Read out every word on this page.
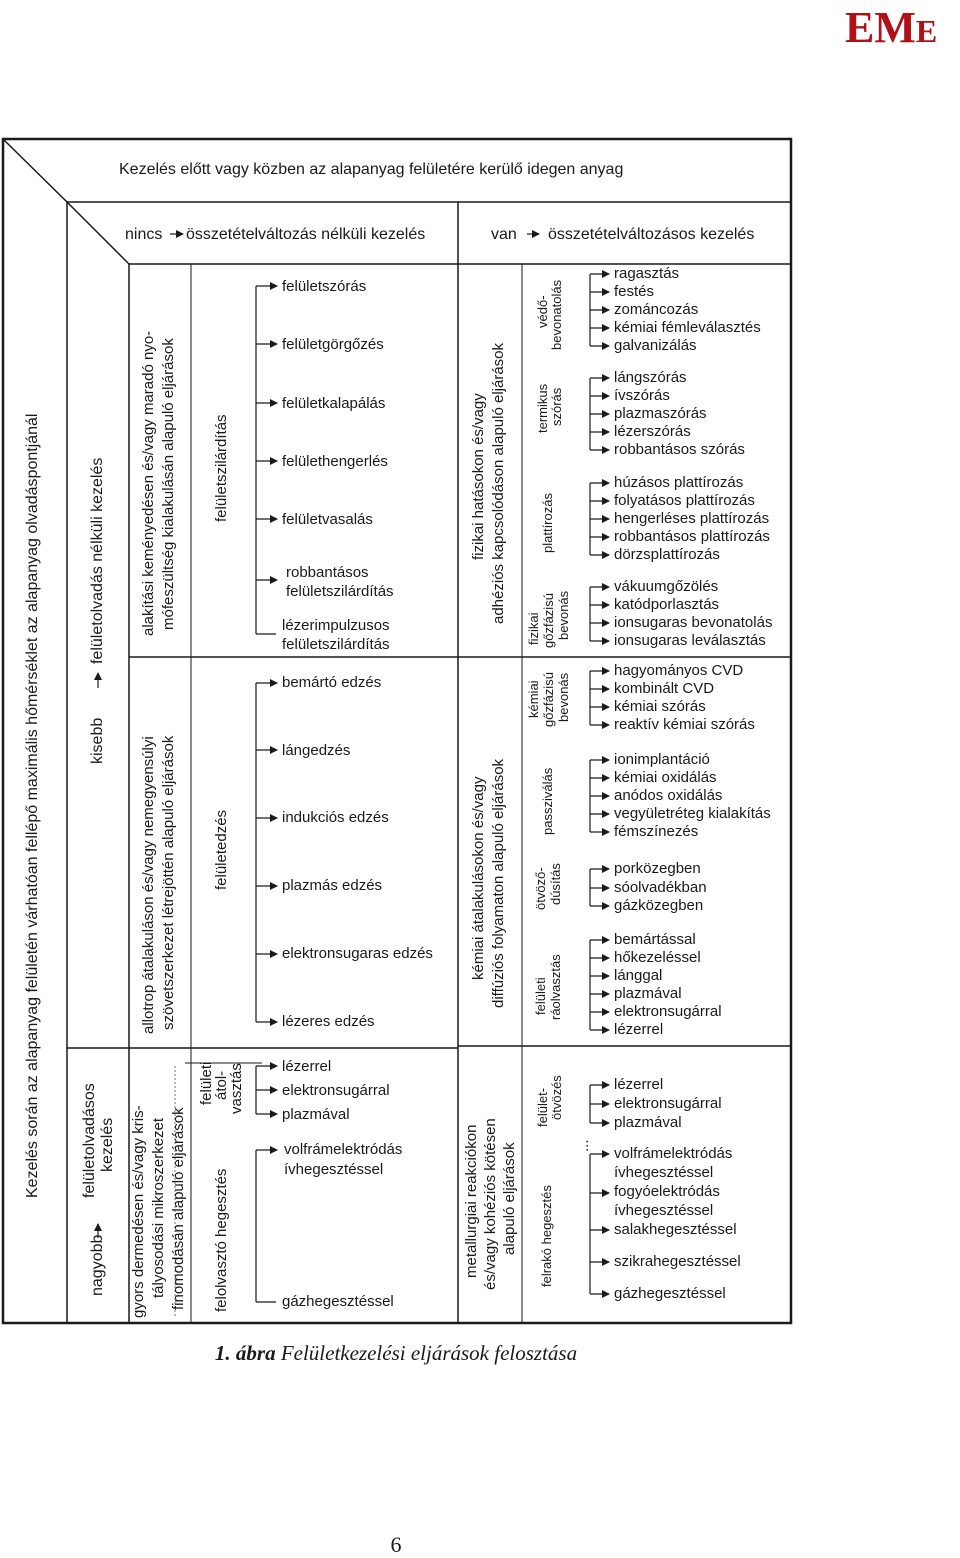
EME
Kezelés előtt vagy közben az alapanyag felületére kerülő idegen anyag
nincs összetételváltozás nélküli kezelés	van összetételváltozásos kezelés
Kezelés során az alapanyag felületén várhatóan fellépő maximális hőmérséklet az alapanyag olvadáspontjánál	felületolvadás nélküli kezelés
kisebb
felületolvadásos kezelés
nagyobb
alakítási keményedésen és/vagy maradó nyo- mófeszültség kialakulásán alapuló eljárások felületszilárdítás
felületszórás
felületgörgőzés
felületkalapálás
felülethengerlés
felületvasalás
robbantásos
felületszilárdítás
lézerimpulzusos
felületszilárdítás
allotrop átalakuláson és/vagy nemegyensúlyi szövetszerkezet létrejöttén alapuló eljárások felületedzés
bemártó edzés
lángedzés
indukciós edzés
plazmás edzés
elektronsugaras edzés
lézeres edzés
gyors dermedésen és/vagy kris- tályosodási mikroszerkezet finomodásán alapuló eljárások
felületi
átol-
vasztás
felolvasztó hegesztés
lézerrel
elektronsugárral
plazmával
volfrámelektródás
ívhegesztéssel
gázhegesztéssel
fizikai hatásokon és/vagy adhéziós kapcsolódáson alapuló eljárások
védő- bevonatolás
termikus szórás
plattírozás
fizikai gőzfázisú bevonás
ragasztás
festés
zománcozás
kémiai fémleválasztés
galvanizálás
lángszórás
ívszórás
plazmaszórás
lézerszórás
robbantásos szórás
húzásos plattírozás
folyatásos plattírozás
hengerléses plattírozás
robbantásos plattírozás
dörzsplattírozás
vákuumgőzölés
katódporlasztás
ionsugaras bevonatolás
ionsugaras leválasztás
kémiai átalakulásokon és/vagy diffúziós folyamaton alapuló eljárások
kémiai gőzfázisú bevonás
passziválás
ötvöző- dúsítás
felületi ráolvasztás
hagyományos CVD
kombinált CVD
kémiai szórás
reaktív kémiai szórás
ionimplantáció
kémiai oxidálás
anódos oxidálás
vegyületréteg kialakítás
fémszínezés
porközegben
sóolvadékban
gázközegben
bemártással
hőkezeléssel
lánggal
plazmával
elektronsugárral
lézerrel
metallurgiai reakciókon és/vagy kohéziós kötésen alapuló eljárások
felület- ötvözés
...
felrakó hegesztés
lézerrel
elektronsugárral
plazmával
volfrámelektródás
ívhegesztéssel
fogyóelektródás
ívhegesztéssel
salakhegesztéssel
szikrahegesztéssel
gázhegesztéssel
1. ábra Felületkezelési eljárások felosztása
6
